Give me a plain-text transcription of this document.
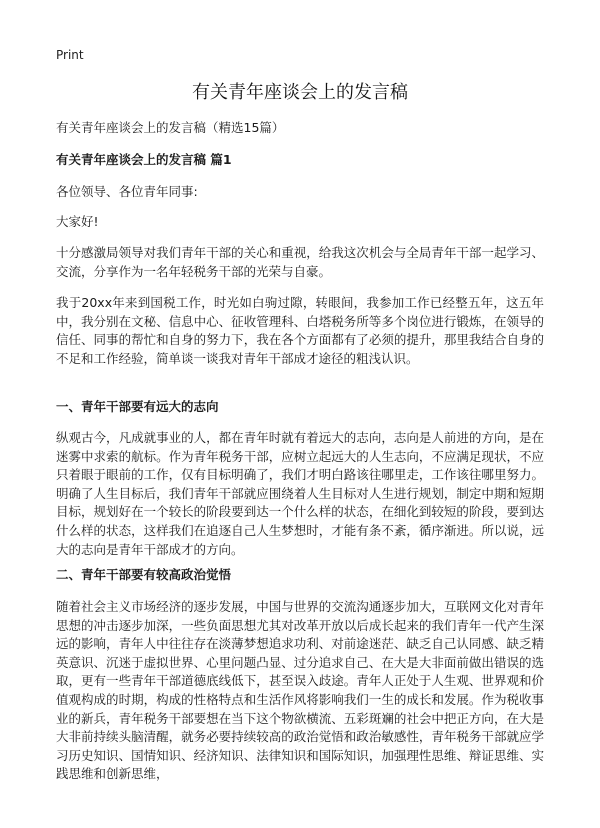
Print
有关青年座谈会上的发言稿
有关青年座谈会上的发言稿（精选15篇）
有关青年座谈会上的发言稿 篇1
各位领导、各位青年同事:
大家好!
十分感激局领导对我们青年干部的关心和重视，给我这次机会与全局青年干部一起学习、交流，分享作为一名年轻税务干部的光荣与自豪。
我于20xx年来到国税工作，时光如白驹过隙，转眼间，我参加工作已经整五年，这五年中，我分别在文秘、信息中心、征收管理科、白塔税务所等多个岗位进行锻炼，在领导的信任、同事的帮忙和自身的努力下，我在各个方面都有了必须的提升，那里我结合自身的不足和工作经验，简单谈一谈我对青年干部成才途径的粗浅认识。
一、青年干部要有远大的志向
纵观古今，凡成就事业的人，都在青年时就有着远大的志向，志向是人前进的方向，是在迷雾中求索的航标。作为青年税务干部，应树立起远大的人生志向，不应满足现状，不应只着眼于眼前的工作，仅有目标明确了，我们才明白路该往哪里走，工作该往哪里努力。明确了人生目标后，我们青年干部就应围绕着人生目标对人生进行规划，制定中期和短期目标，规划好在一个较长的阶段要到达一个什么样的状态，在细化到较短的阶段，要到达什么样的状态，这样我们在追逐自己人生梦想时，才能有条不紊，循序渐进。所以说，远大的志向是青年干部成才的方向。
二、青年干部要有较高政治觉悟
随着社会主义市场经济的逐步发展，中国与世界的交流沟通逐步加大，互联网文化对青年思想的冲击逐步加深，一些负面思想尤其对改革开放以后成长起来的我们青年一代产生深远的影响，青年人中往往存在淡薄梦想追求功利、对前途迷茫、缺乏自己认同感、缺乏精英意识、沉迷于虚拟世界、心里问题凸显、过分追求自己、在大是大非面前做出错误的选取，更有一些青年干部道德底线低下，甚至误入歧途。青年人正处于人生观、世界观和价值观构成的时期，构成的性格特点和生活作风将影响我们一生的成长和发展。作为税收事业的新兵，青年税务干部要想在当下这个物欲横流、五彩斑斓的社会中把正方向，在大是大非前持续头脑清醒，就务必要持续较高的政治觉悟和政治敏感性，青年税务干部就应学习历史知识、国情知识、经济知识、法律知识和国际知识，加强理性思维、辩证思维、实践思维和创新思维，
